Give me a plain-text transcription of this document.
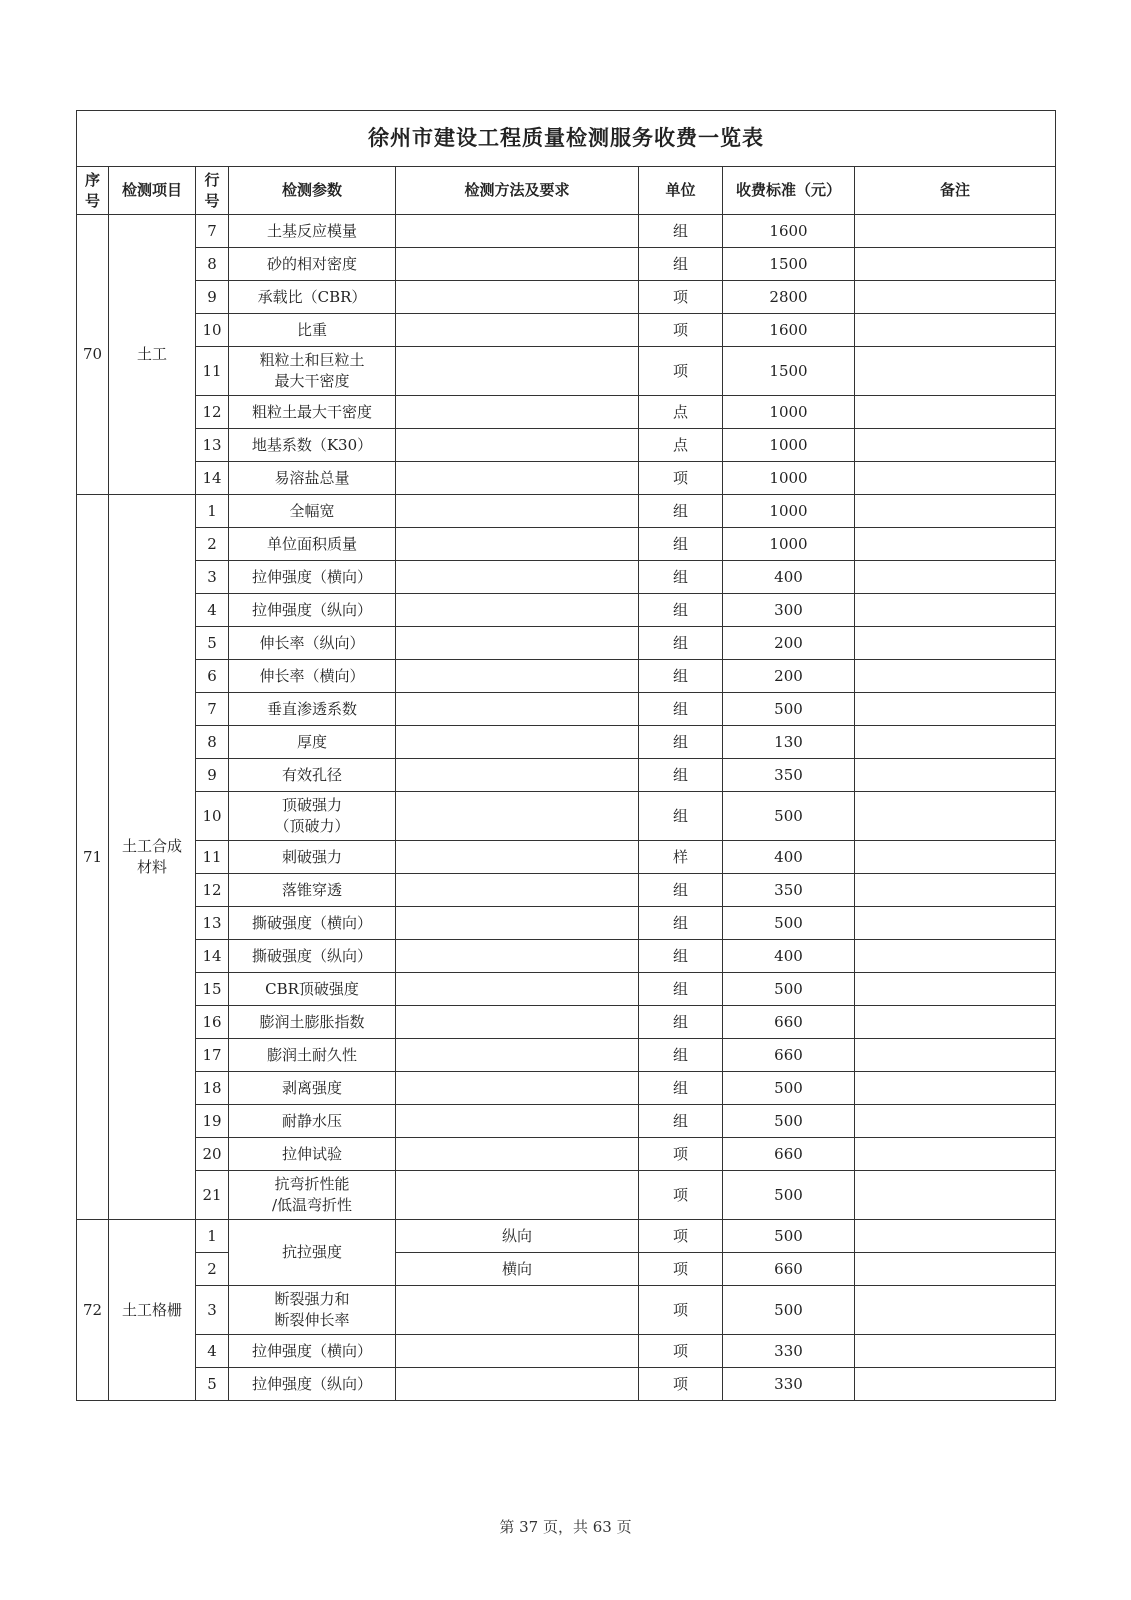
徐州市建设工程质量检测服务收费一览表							
序
号	检测项目	行
号	检测参数	检测方法及要求	单位	收费标准（元）	备注
70	土工	7	土基反应模量		组	1600	
		8	砂的相对密度		组	1500	
		9	承载比（CBR）		项	2800	
		10	比重		项	1600	
		11	粗粒土和巨粒土
最大干密度		项	1500	
		12	粗粒土最大干密度		点	1000	
		13	地基系数（K30）		点	1000	
		14	易溶盐总量		项	1000	
71	土工合成
材料	1	全幅宽		组	1000	
		2	单位面积质量		组	1000	
		3	拉伸强度（横向）		组	400	
		4	拉伸强度（纵向）		组	300	
		5	伸长率（纵向）		组	200	
		6	伸长率（横向）		组	200	
		7	垂直渗透系数		组	500	
		8	厚度		组	130	
		9	有效孔径		组	350	
		10	顶破强力
（顶破力）		组	500	
		11	刺破强力		样	400	
		12	落锥穿透		组	350	
		13	撕破强度（横向）		组	500	
		14	撕破强度（纵向）		组	400	
		15	CBR顶破强度		组	500	
		16	膨润土膨胀指数		组	660	
		17	膨润土耐久性		组	660	
		18	剥离强度		组	500	
		19	耐静水压		组	500	
		20	拉伸试验		项	660	
		21	抗弯折性能
/低温弯折性		项	500	
72	土工格栅	1	抗拉强度	纵向	项	500	
		2		横向	项	660	
		3	断裂强力和
断裂伸长率		项	500	
		4	拉伸强度（横向）		项	330	
		5	拉伸强度（纵向）		项	330	
第 37 页，共 63 页
